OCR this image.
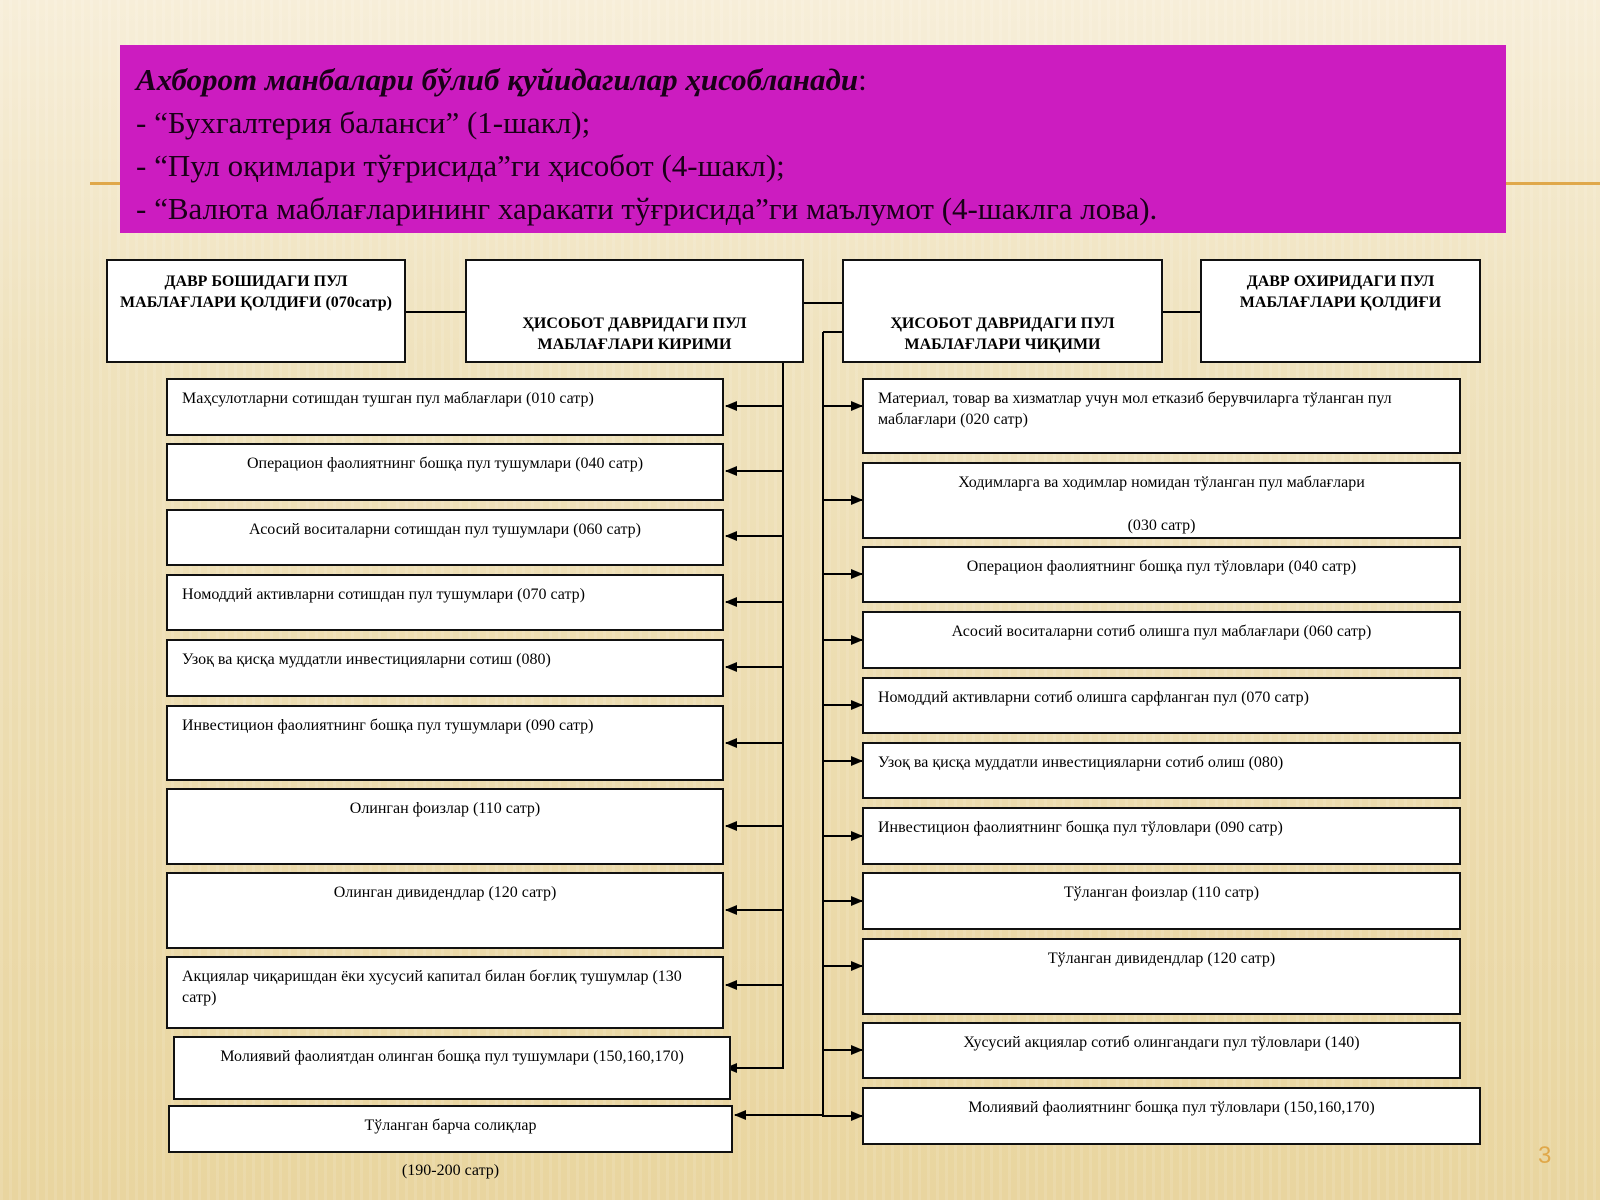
Ахборот манбалари бўлиб қуйидагилар ҳисобланади:
- “Бухгалтерия баланси” (1-шакл);
- “Пул оқимлари тўғрисида”ги ҳисобот (4-шакл);
- “Валюта маблағларининг харакати тўғрисида”ги маълумот (4-шаклга лова).
ДАВР БОШИДАГИ ПУЛ МАБЛАҒЛАРИ ҚОЛДИҒИ (070сатр)
ҲИСОБОТ ДАВРИДАГИ ПУЛ МАБЛАҒЛАРИ КИРИМИ
ҲИСОБОТ ДАВРИДАГИ ПУЛ МАБЛАҒЛАРИ ЧИҚИМИ
ДАВР ОХИРИДАГИ ПУЛ МАБЛАҒЛАРИ ҚОЛДИҒИ
Маҳсулотларни сотишдан тушган пул маблағлари (010 сатр)
Операцион фаолиятнинг бошқа пул тушумлари (040 сатр)
Асосий воситаларни сотишдан пул тушумлари (060 сатр)
Номоддий активларни сотишдан пул тушумлари (070 сатр)
Узоқ ва қисқа муддатли инвестицияларни сотиш (080)
Инвестицион фаолиятнинг бошқа пул тушумлари (090 сатр)
Олинган фоизлар (110 сатр)
Олинган дивидендлар (120 сатр)
Акциялар чиқаришдан ёки хусусий капитал билан боғлиқ тушумлар (130 сатр)
Молиявий фаолиятдан олинган бошқа пул тушумлари (150,160,170)
Тўланган барча солиқлар
(190-200 сатр)
Материал, товар ва хизматлар учун мол етказиб берувчиларга тўланган пул маблағлари (020 сатр)
Ходимларга ва ходимлар номидан тўланган пул маблағлари
(030 сатр)
Операцион фаолиятнинг бошқа пул тўловлари (040 сатр)
Асосий воситаларни сотиб олишга пул маблағлари (060 сатр)
Номоддий активларни сотиб олишга сарфланган пул (070 сатр)
Узоқ ва қисқа муддатли инвестицияларни сотиб олиш (080)
Инвестицион фаолиятнинг бошқа пул тўловлари (090 сатр)
Тўланган фоизлар (110 сатр)
Тўланган дивидендлар (120 сатр)
Хусусий акциялар сотиб олингандаги пул тўловлари (140)
Молиявий фаолиятнинг бошқа пул тўловлари (150,160,170)
3
